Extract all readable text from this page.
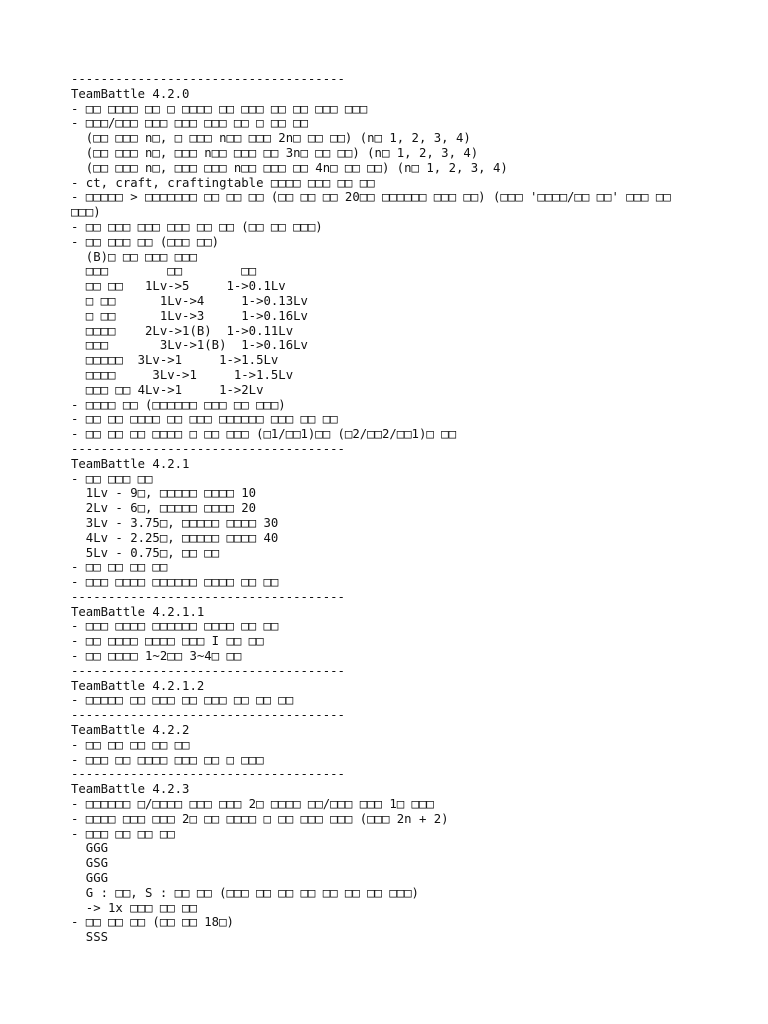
-------------------------------------
TeamBattle 4.2.0
- □□ □□□□ □□ □ □□□□ □□ □□□ □□ □□ □□□ □□□
- □□□/□□□ □□□ □□□ □□□ □□ □ □□ □□
(□□ □□□ n□, □ □□□ n□□ □□□ 2n□ □□ □□) (n□ 1, 2, 3, 4)
(□□ □□□ n□, □□□ n□□ □□□ □□ 3n□ □□ □□) (n□ 1, 2, 3, 4)
(□□ □□□ n□, □□□ □□□ n□□ □□□ □□ 4n□ □□ □□) (n□ 1, 2, 3, 4)
- ct, craft, craftingtable □□□□ □□□ □□ □□
- □□□□□ > □□□□□□□ □□ □□ □□ (□□ □□ □□ 20□□ □□□□□□ □□□ □□) (□□□ '□□□□/□□ □□' □□□ □□
□□□)
- □□ □□□ □□□ □□□ □□ □□ (□□ □□ □□□)
- □□ □□□ □□ (□□□ □□)
(B)□ □□ □□□ □□□
□□□        □□        □□
□□ □□   1Lv->5     1->0.1Lv
□ □□      1Lv->4     1->0.13Lv
□ □□      1Lv->3     1->0.16Lv
□□□□    2Lv->1(B)  1->0.11Lv
□□□       3Lv->1(B)  1->0.16Lv
□□□□□  3Lv->1     1->1.5Lv
□□□□     3Lv->1     1->1.5Lv
□□□ □□ 4Lv->1     1->2Lv
- □□□□ □□ (□□□□□□ □□□ □□ □□□)
- □□ □□ □□□□ □□ □□□ □□□□□□ □□□ □□ □□
- □□ □□ □□ □□□□ □ □□ □□□ (□1/□□1)□□ (□2/□□2/□□1)□ □□
-------------------------------------
TeamBattle 4.2.1
- □□ □□□ □□
1Lv - 9□, □□□□□ □□□□ 10
2Lv - 6□, □□□□□ □□□□ 20
3Lv - 3.75□, □□□□□ □□□□ 30
4Lv - 2.25□, □□□□□ □□□□ 40
5Lv - 0.75□, □□ □□
- □□ □□ □□ □□
- □□□ □□□□ □□□□□□ □□□□ □□ □□
-------------------------------------
TeamBattle 4.2.1.1
- □□□ □□□□ □□□□□□ □□□□ □□ □□
- □□ □□□□ □□□□ □□□ I □□ □□
- □□ □□□□ 1~2□□ 3~4□ □□
-------------------------------------
TeamBattle 4.2.1.2
- □□□□□ □□ □□□ □□ □□□ □□ □□ □□
-------------------------------------
TeamBattle 4.2.2
- □□ □□ □□ □□ □□
- □□□ □□ □□□□ □□□ □□ □ □□□
-------------------------------------
TeamBattle 4.2.3
- □□□□□□ □/□□□□ □□□ □□□ 2□ □□□□ □□/□□□ □□□ 1□ □□□
- □□□□ □□□ □□□ 2□ □□ □□□□ □ □□ □□□ □□□ (□□□ 2n + 2)
- □□□ □□ □□ □□
GGG
GSG
GGG
G : □□, S : □□ □□ (□□□ □□ □□ □□ □□ □□ □□ □□□)
-> 1x □□□ □□ □□
- □□ □□ □□ (□□ □□ 18□)
SSS
